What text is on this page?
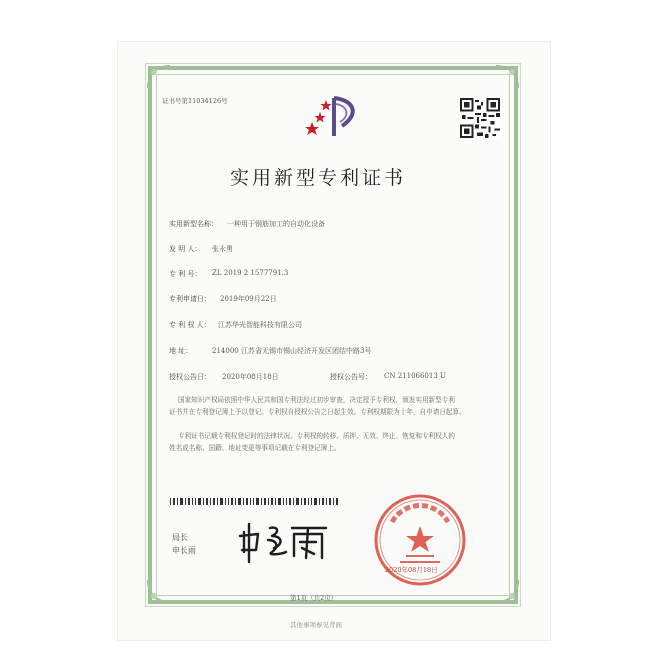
证书号第11034126号
实用新型专利证书
实用新型名称： 一种用于钢筋加工的自动化设备
发 明 人： 张永勇
专 利 号： ZL 2019 2 1577791.3
专利申请日： 2019年09月22日
专 利 权 人： 江苏华光智能科技有限公司
地 址：	214000 江苏省无锡市锡山经济开发区团结中路3号
授权公告日： 2020年08月18日	授权公告号： CN 211066013 U
国家知识产权局依照中华人民共和国专利法经过初步审查，决定授予专利权，颁发实用新型专利
证书并在专利登记簿上予以登记。专利权自授权公告之日起生效。专利权期限为十年，自申请日起算。
专利证书记载专利权登记时的法律状况。专利权的转移、质押、无效、终止、恢复和专利权人的
姓名或名称、国籍、地址变更等事项记载在专利登记簿上。
局长
申长雨
2020年08月18日
第1页（共2页）
其他事项参见背面
